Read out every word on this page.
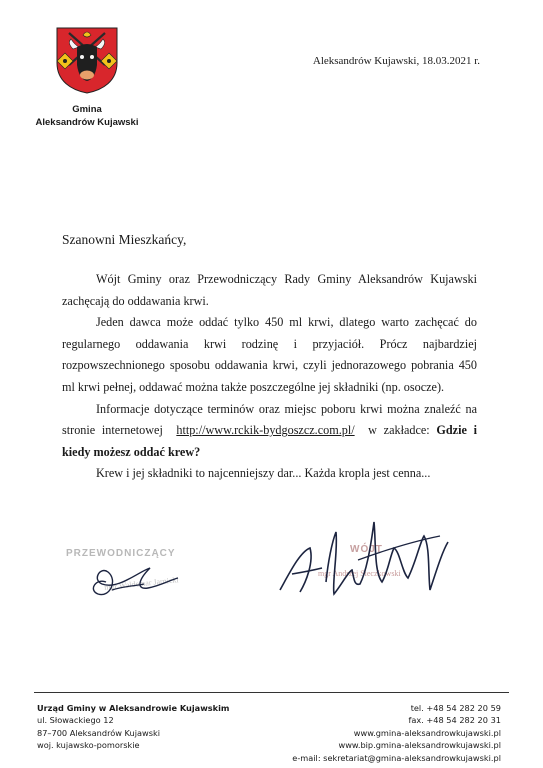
Gmina
Aleksandrów Kujawski
Aleksandrów Kujawski, 18.03.2021 r.
Szanowni Mieszkańcy,

Wójt Gminy oraz Przewodniczący Rady Gminy Aleksandrów Kujawski zachęcają do oddawania krwi.

Jeden dawca może oddać tylko 450 ml krwi, dlatego warto zachęcać do regularnego oddawania krwi rodzinę i przyjaciół. Prócz najbardziej rozpowszechnionego sposobu oddawania krwi, czyli jednorazowego pobrania 450 ml krwi pełnej, oddawać można także poszczególne jej składniki (np. osocze).

Informacje dotyczące terminów oraz miejsc poboru krwi można znaleźć na stronie internetowej http://www.rckik-bydgoszcz.com.pl/ w zakładce: Gdzie i kiedy możesz oddać krew?

Krew i jej składniki to najcenniejszy dar... Każda kropla jest cenna...

PRZEWODNICZĄCY
mgr Waldemar Jarnicki
WÓJT
mgr Andrzej Sieczkowski
Urząd Gminy w Aleksandrowie Kujawskim
ul. Słowackiego 12
87–700 Aleksandrów Kujawski
woj. kujawsko-pomorskie
tel. +48 54 282 20 59
fax. +48 54 282 20 31
www.gmina-aleksandrowkujawski.pl
www.bip.gmina-aleksandrowkujawski.pl
e-mail: sekretariat@gmina-aleksandrowkujawski.pl
